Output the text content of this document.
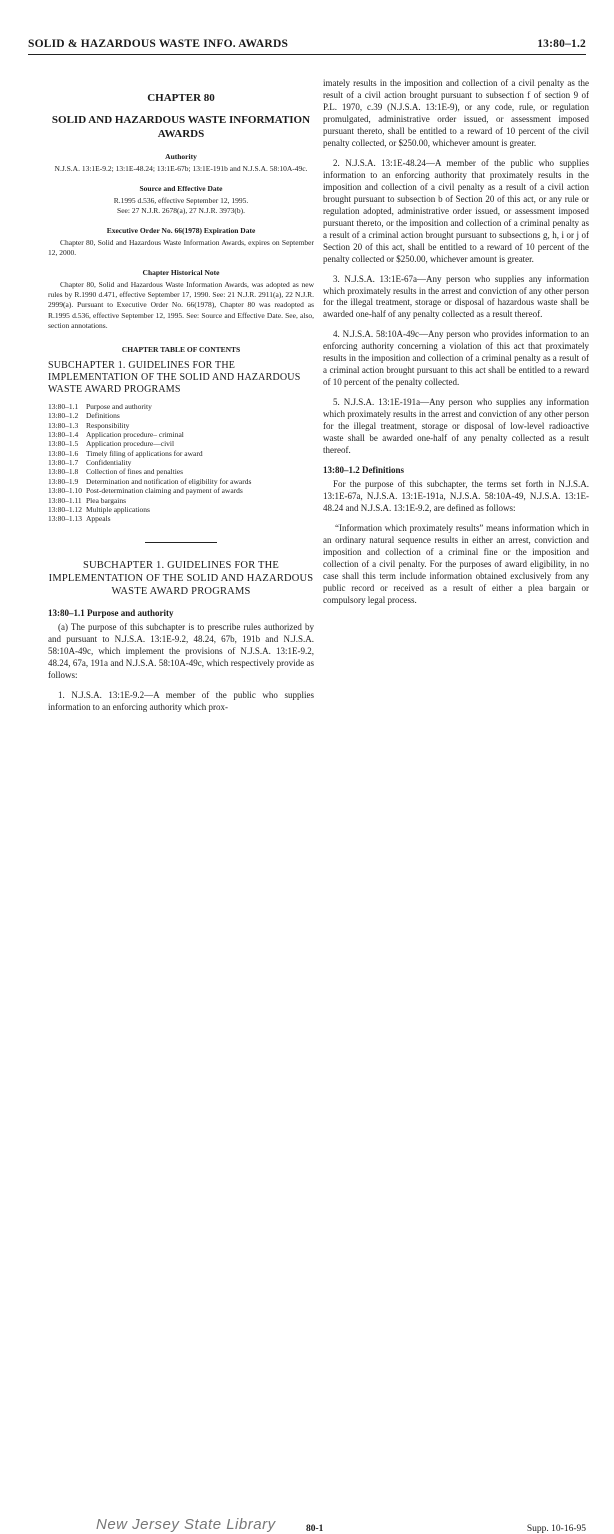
SOLID & HAZARDOUS WASTE INFO. AWARDS	13:80–1.2
CHAPTER 80
SOLID AND HAZARDOUS WASTE INFORMATION AWARDS
Authority

N.J.S.A. 13:1E-9.2; 13:1E-48.24; 13:1E-67b; 13:1E-191b and N.J.S.A. 58:10A-49c.

Source and Effective Date

R.1995 d.536, effective September 12, 1995.

See: 27 N.J.R. 2678(a), 27 N.J.R. 3973(b).

Executive Order No. 66(1978) Expiration Date

Chapter 80, Solid and Hazardous Waste Information Awards, expires on September 12, 2000.

Chapter Historical Note

Chapter 80, Solid and Hazardous Waste Information Awards, was adopted as new rules by R.1990 d.471, effective September 17, 1990. See: 21 N.J.R. 2911(a), 22 N.J.R. 2999(a). Pursuant to Executive Order No. 66(1978), Chapter 80 was readopted as R.1995 d.536, effective September 12, 1995. See: Source and Effective Date. See, also, section annotations.

CHAPTER TABLE OF CONTENTS
SUBCHAPTER 1. GUIDELINES FOR THE IMPLEMENTATION OF THE SOLID AND HAZARDOUS WASTE AWARD PROGRAMS
13:80–1.1	Purpose and authority
13:80–1.2	Definitions
13:80–1.3	Responsibility
13:80–1.4	Application procedure– criminal
13:80–1.5	Application procedure—civil
13:80–1.6	Timely filing of applications for award
13:80–1.7	Confidentiality
13:80–1.8	Collection of fines and penalties
13:80–1.9	Determination and notification of eligibility for awards
13:80–1.10 Post-determination claiming and payment of awards
13:80–1.11 Plea bargains
13:80–1.12 Multiple applications
13:80–1.13 Appeals
SUBCHAPTER 1. GUIDELINES FOR THE IMPLEMENTATION OF THE SOLID AND HAZARDOUS WASTE AWARD PROGRAMS
13:80–1.1 Purpose and authority

(a) The purpose of this subchapter is to prescribe rules authorized by and pursuant to N.J.S.A. 13:1E-9.2, 48.24, 67b, 191b and N.J.S.A. 58:10A-49c, which implement the provisions of N.J.S.A. 13:1E-9.2, 48.24, 67a, 191a and N.J.S.A. 58:10A-49c, which respectively provide as follows:

1. N.J.S.A. 13:1E-9.2—A member of the public who supplies information to an enforcing authority which prox-

imately results in the imposition and collection of a civil penalty as the result of a civil action brought pursuant to subsection f of section 9 of P.L. 1970, c.39 (N.J.S.A. 13:1E-9), or any code, rule, or regulation promulgated, administrative order issued, or assessment imposed pursuant thereto, shall be entitled to a reward of 10 percent of the civil penalty collected, or $250.00, whichever amount is greater.

2. N.J.S.A. 13:1E-48.24—A member of the public who supplies information to an enforcing authority that proximately results in the imposition and collection of a civil penalty as a result of a civil action brought pursuant to subsection b of Section 20 of this act, or any rule or regulation adopted, administrative order issued, or assessment imposed pursuant thereto, or the imposition and collection of a criminal penalty as a result of a criminal action brought pursuant to subsections g, h, i or j of Section 20 of this act, shall be entitled to a reward of 10 percent of the penalty collected or $250.00, whichever amount is greater.

3. N.J.S.A. 13:1E-67a—Any person who supplies any information which proximately results in the arrest and conviction of any other person for the illegal treatment, storage or disposal of hazardous waste shall be awarded one-half of any penalty collected as a result thereof.

4. N.J.S.A. 58:10A-49c—Any person who provides information to an enforcing authority concerning a violation of this act that proximately results in the imposition and collection of a criminal penalty as a result of a criminal action brought pursuant to this act shall be entitled to a reward of 10 percent of the penalty collected.

5. N.J.S.A. 13:1E-191a—Any person who supplies any information which proximately results in the arrest and conviction of any other person for the illegal treatment, storage or disposal of low-level radioactive waste shall be awarded one-half of any penalty collected as a result thereof.

13:80–1.2 Definitions

For the purpose of this subchapter, the terms set forth in N.J.S.A. 13:1E-67a, N.J.S.A. 13:1E-191a, N.J.S.A. 58:10A-49, N.J.S.A. 13:1E-48.24 and N.J.S.A. 13:1E-9.2, are defined as follows:

“Information which proximately results” means information which in an ordinary natural sequence results in either an arrest, conviction and imposition and collection of a criminal fine or the imposition and collection of a civil penalty. For the purposes of award eligibility, in no case shall this term include information obtained exclusively from any public record or received as a result of either a plea bargain or compulsory legal process.

New Jersey State Library	80-1	Supp. 10-16-95
